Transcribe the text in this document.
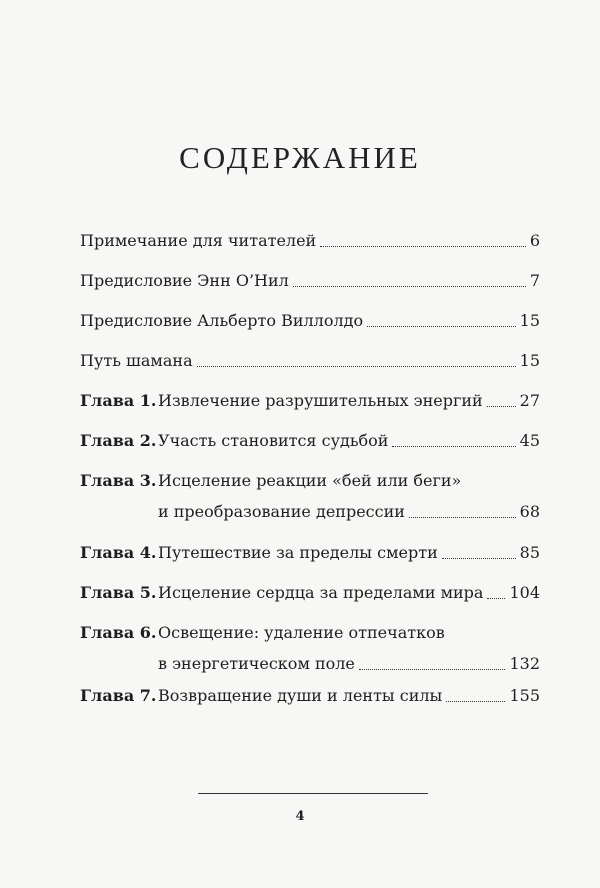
СОДЕРЖАНИЕ
Примечание для читателей	6
Предисловие Энн О’Нил	7
Предисловие Альберто Виллолдо	15
Путь шамана	15
Глава 1. Извлечение разрушительных энергий 27
Глава 2. Участь становится судьбой	45
Глава 3. Исцеление реакции «бей или беги»
и преобразование депрессии	68
Глава 4. Путешествие за пределы смерти	85
Глава 5. Исцеление сердца за пределами мира 104
Глава 6. Освещение: удаление отпечатков
в энергетическом поле	132
Глава 7. Возвращение души и ленты силы	155
4
